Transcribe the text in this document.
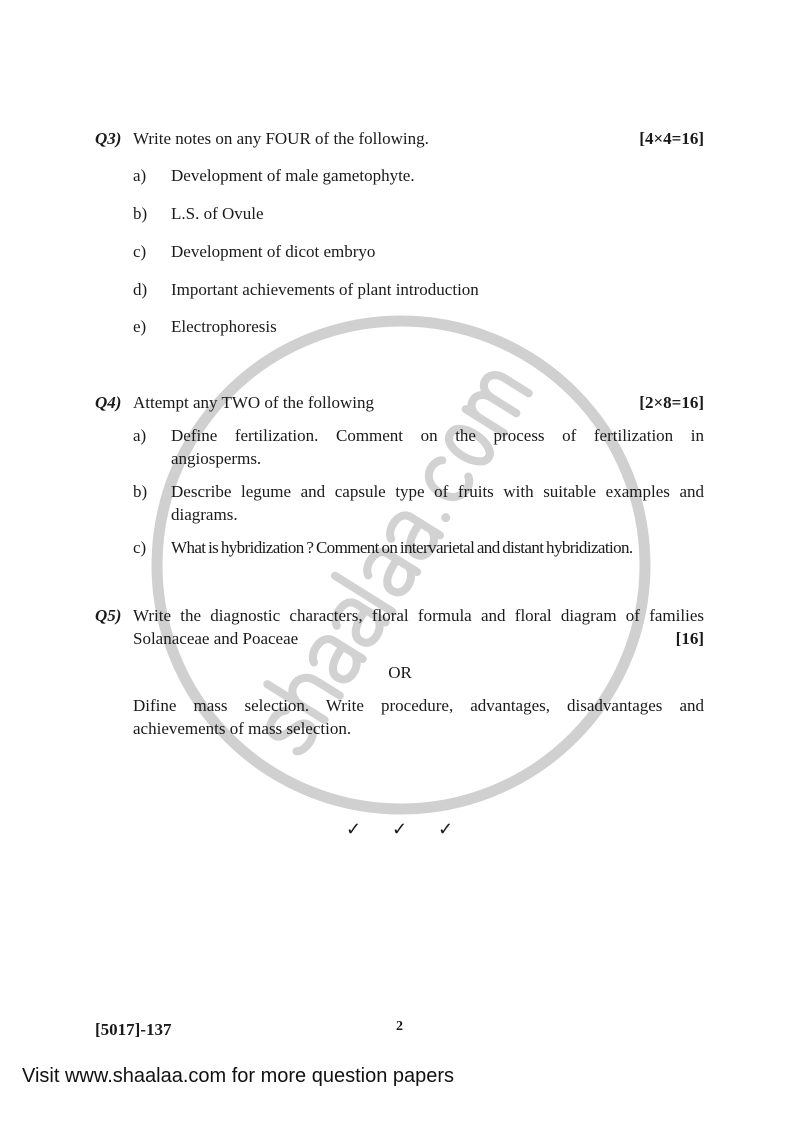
Q3) Write notes on any FOUR of the following.	[4×4=16]
a) Development of male gametophyte.
b) L.S. of Ovule
c) Development of dicot embryo
d) Important achievements of plant introduction
e) Electrophoresis
Q4) Attempt any TWO of the following	[2×8=16]
a) Define fertilization. Comment on the process of fertilization in
angiosperms.
b) Describe legume and capsule type of fruits with suitable examples and
diagrams.
c) What is hybridization ? Comment on intervarietal and distant hybridization.
Q5) Write the diagnostic characters, floral formula and floral diagram of families
Solanaceae and Poaceae	[16]
OR
Difine mass selection. Write procedure, advantages, disadvantages and
achievements of mass selection.
✓ ✓ ✓
[5017]-137	2
Visit www.shaalaa.com for more question papers
